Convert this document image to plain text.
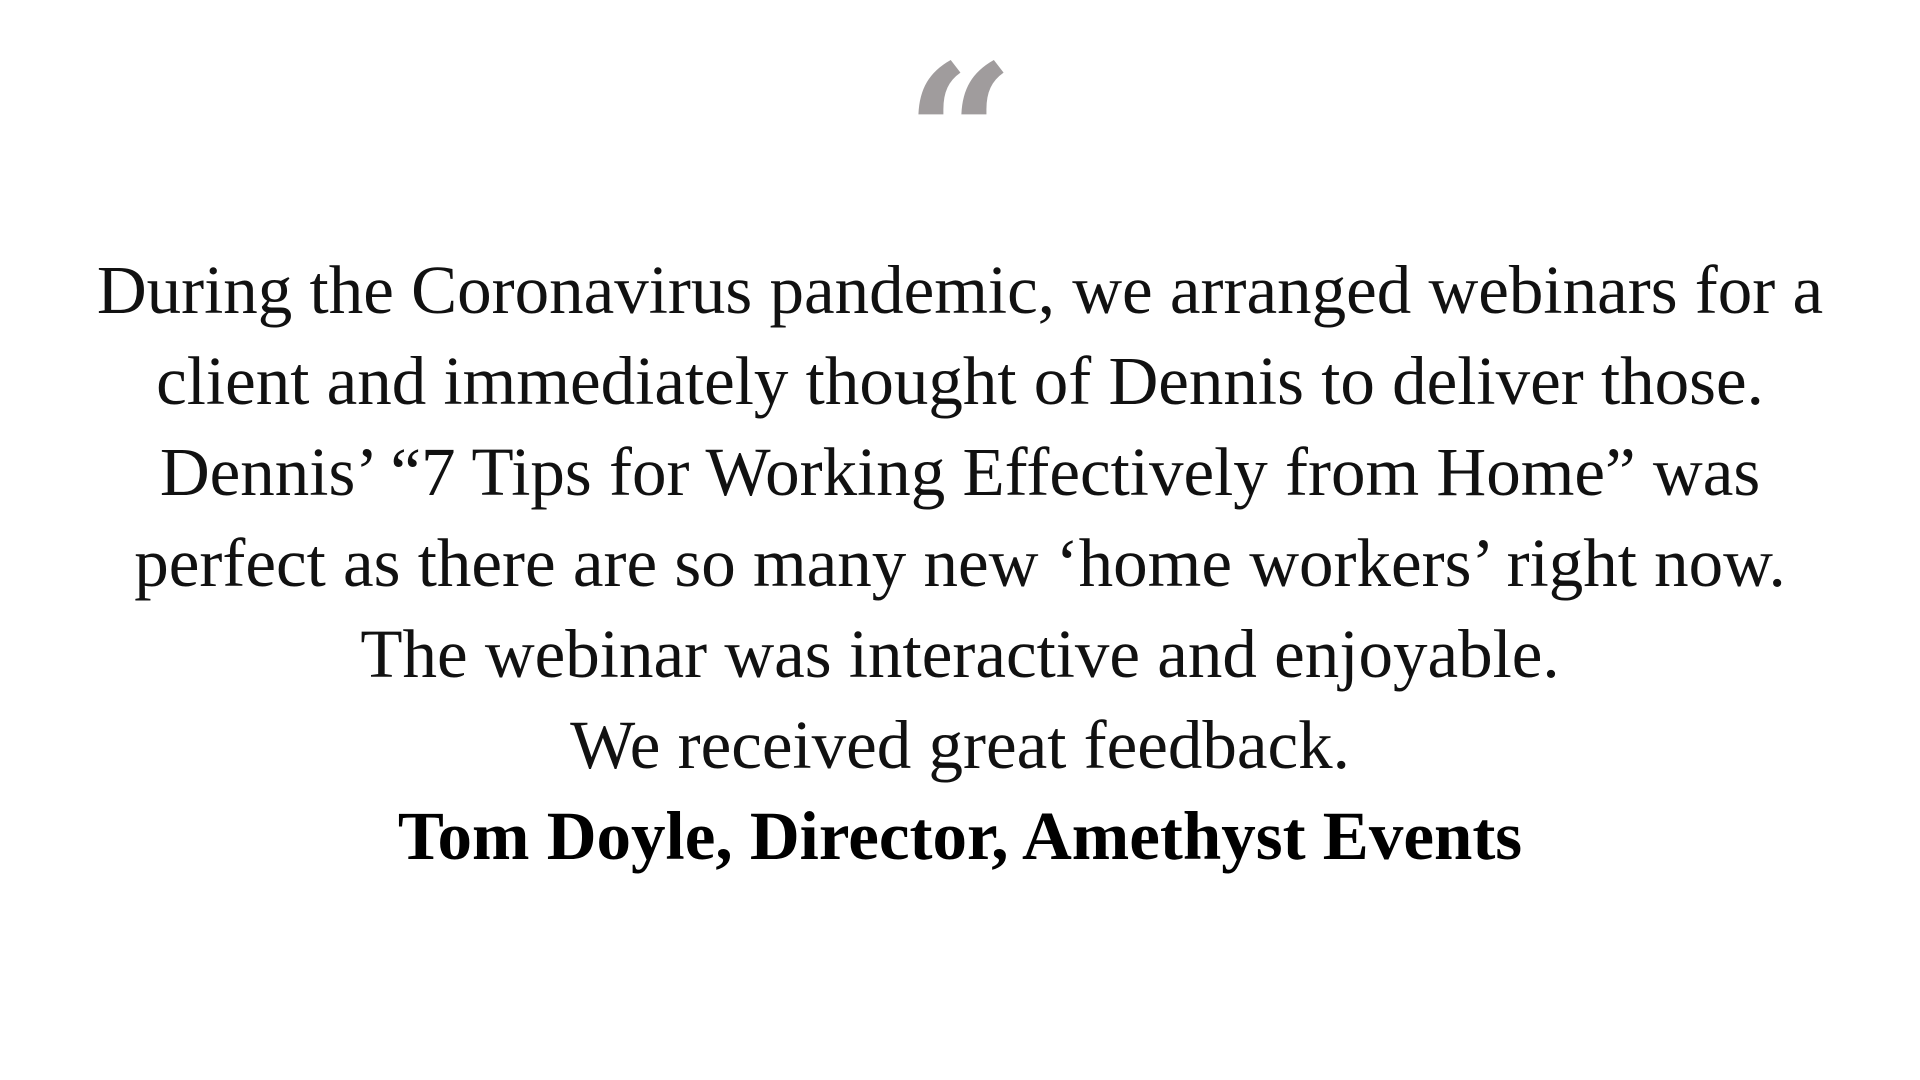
“
During the Coronavirus pandemic, we arranged webinars for a
client and immediately thought of Dennis to deliver those.
Dennis’ “7 Tips for Working Effectively from Home” was
perfect as there are so many new ‘home workers’ right now.
The webinar was interactive and enjoyable.
We received great feedback.
Tom Doyle, Director, Amethyst Events
